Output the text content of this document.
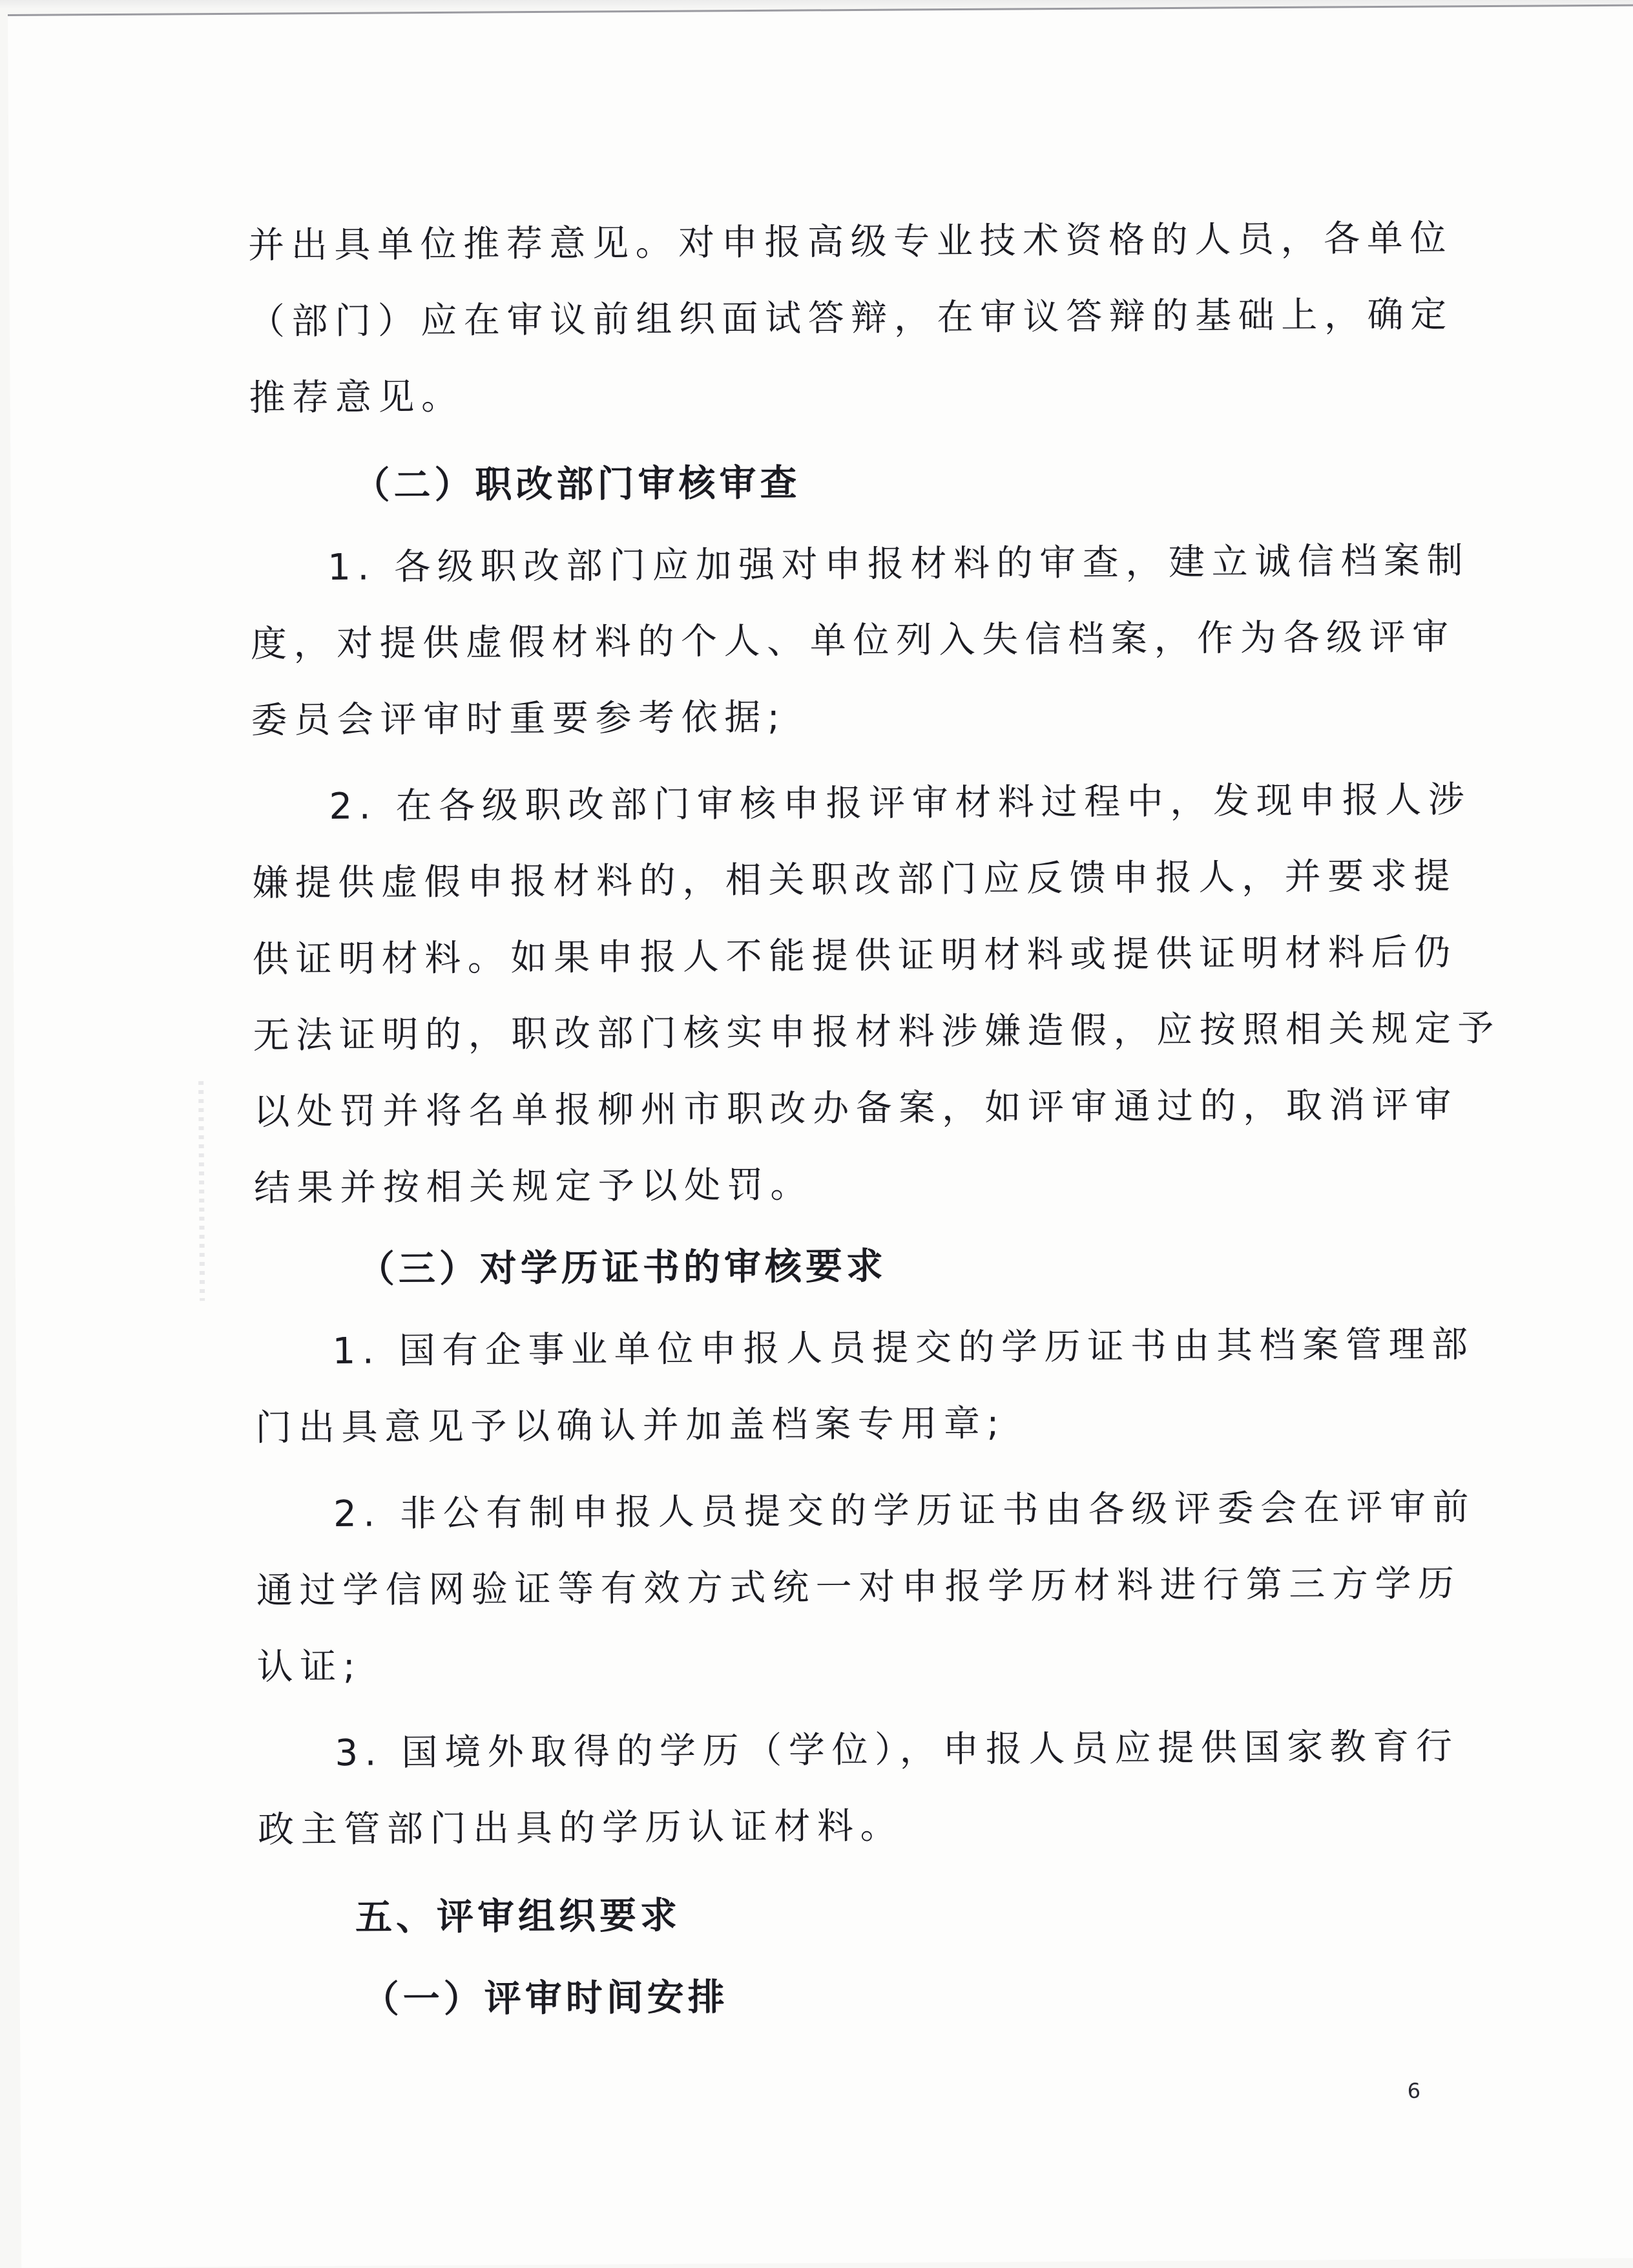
并出具单位推荐意见。对申报高级专业技术资格的人员，各单位
（部门）应在审议前组织面试答辩，在审议答辩的基础上，确定
推荐意见。
（二）职改部门审核审查
1. 各级职改部门应加强对申报材料的审查，建立诚信档案制
度，对提供虚假材料的个人、单位列入失信档案，作为各级评审
委员会评审时重要参考依据;
2. 在各级职改部门审核申报评审材料过程中，发现申报人涉
嫌提供虚假申报材料的，相关职改部门应反馈申报人，并要求提
供证明材料。如果申报人不能提供证明材料或提供证明材料后仍
无法证明的，职改部门核实申报材料涉嫌造假，应按照相关规定予
以处罚并将名单报柳州市职改办备案，如评审通过的，取消评审
结果并按相关规定予以处罚。
（三）对学历证书的审核要求
1. 国有企事业单位申报人员提交的学历证书由其档案管理部
门出具意见予以确认并加盖档案专用章;
2. 非公有制申报人员提交的学历证书由各级评委会在评审前
通过学信网验证等有效方式统一对申报学历材料进行第三方学历
认证;
3. 国境外取得的学历（学位），申报人员应提供国家教育行
政主管部门出具的学历认证材料。
五、评审组织要求
（一）评审时间安排
6
